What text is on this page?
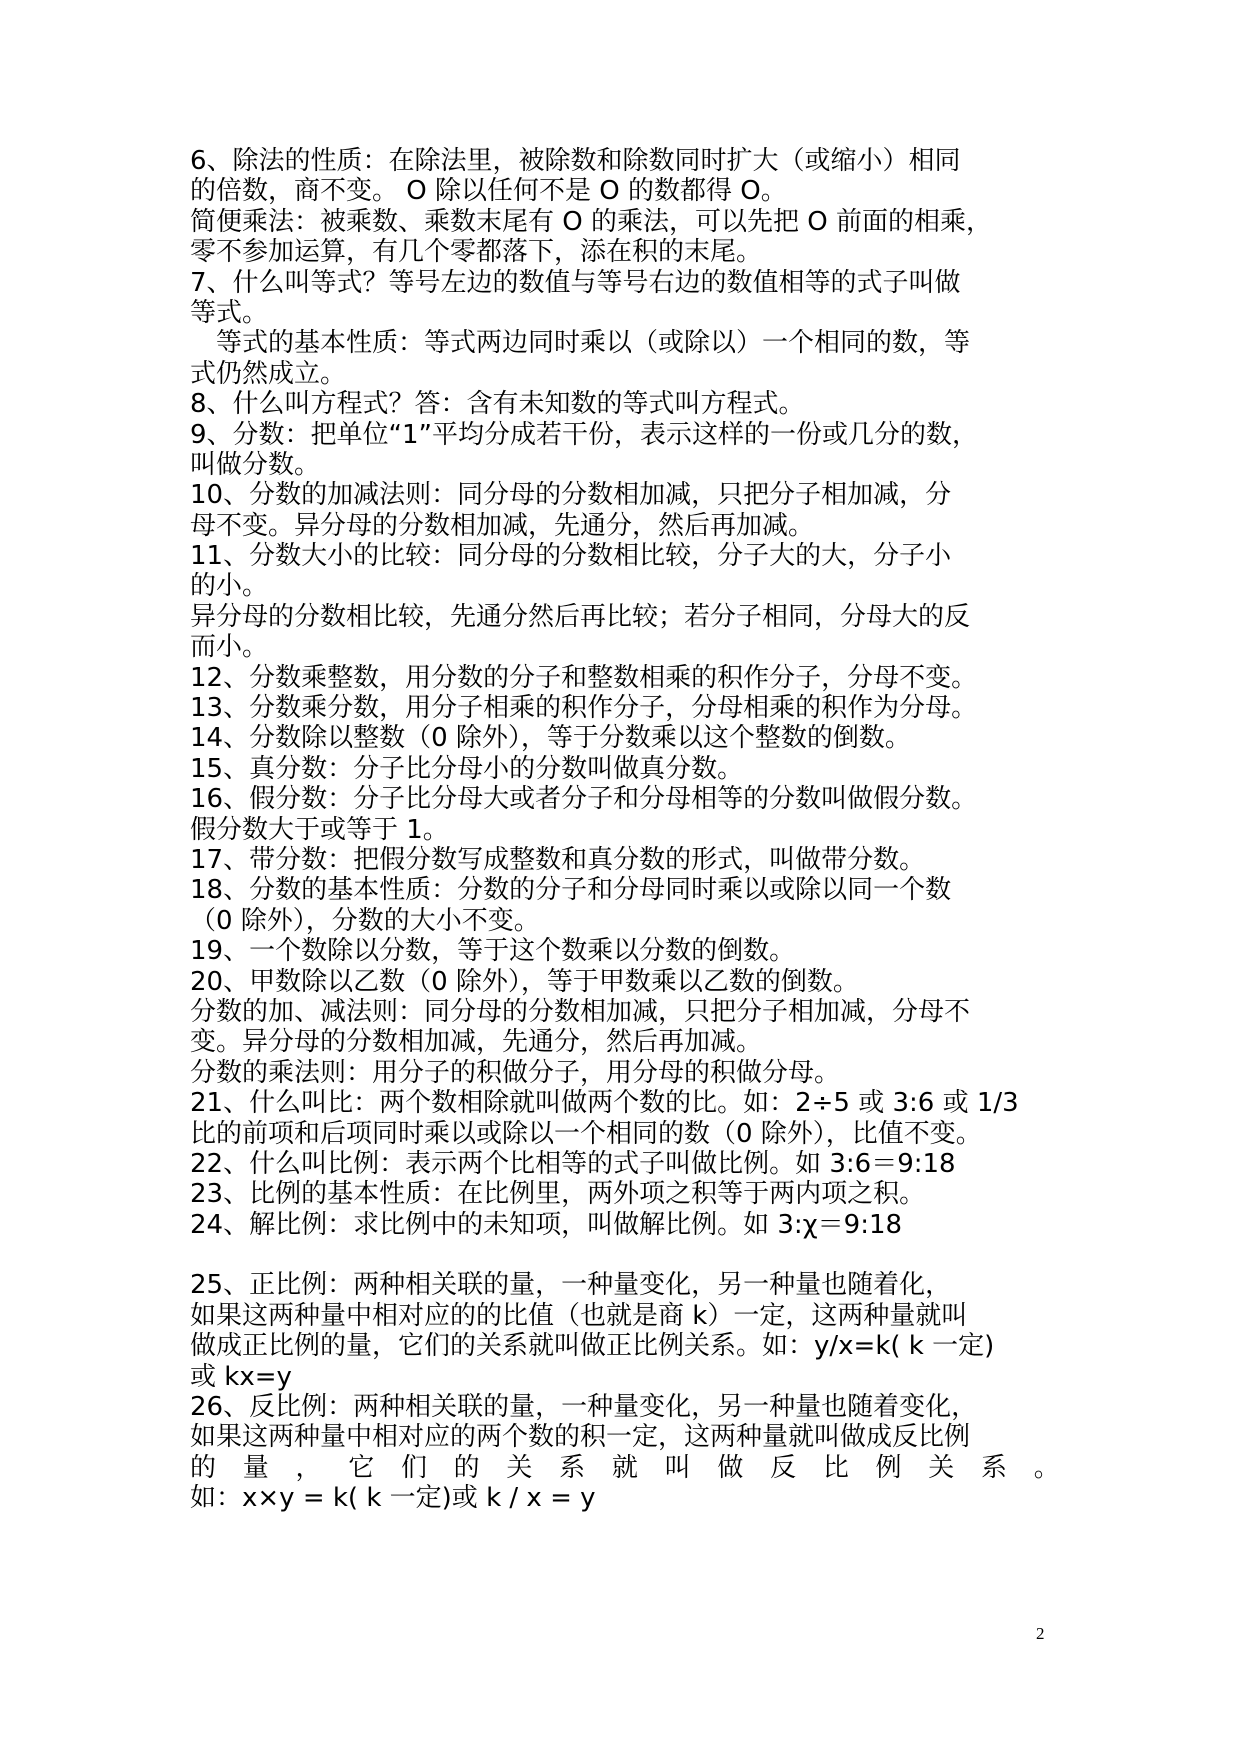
6、除法的性质：在除法里，被除数和除数同时扩大（或缩小）相同
的倍数，商不变。 O 除以任何不是 O 的数都得 O。
简便乘法：被乘数、乘数末尾有 O 的乘法，可以先把 O 前面的相乘，
零不参加运算，有几个零都落下，添在积的末尾。
7、什么叫等式？等号左边的数值与等号右边的数值相等的式子叫做
等式。
等式的基本性质：等式两边同时乘以（或除以）一个相同的数，等
式仍然成立。
8、什么叫方程式？答：含有未知数的等式叫方程式。
9、分数：把单位“1”平均分成若干份，表示这样的一份或几分的数，
叫做分数。
10、分数的加减法则：同分母的分数相加减，只把分子相加减，分
母不变。异分母的分数相加减，先通分，然后再加减。
11、分数大小的比较：同分母的分数相比较，分子大的大，分子小
的小。
异分母的分数相比较，先通分然后再比较；若分子相同，分母大的反
而小。
12、分数乘整数，用分数的分子和整数相乘的积作分子，分母不变。
13、分数乘分数，用分子相乘的积作分子，分母相乘的积作为分母。
14、分数除以整数（0 除外），等于分数乘以这个整数的倒数。
15、真分数：分子比分母小的分数叫做真分数。
16、假分数：分子比分母大或者分子和分母相等的分数叫做假分数。
假分数大于或等于 1。
17、带分数：把假分数写成整数和真分数的形式，叫做带分数。
18、分数的基本性质：分数的分子和分母同时乘以或除以同一个数
（0 除外），分数的大小不变。
19、一个数除以分数，等于这个数乘以分数的倒数。
20、甲数除以乙数（0 除外），等于甲数乘以乙数的倒数。
分数的加、减法则：同分母的分数相加减，只把分子相加减，分母不
变。异分母的分数相加减，先通分，然后再加减。
分数的乘法则：用分子的积做分子，用分母的积做分母。
21、什么叫比：两个数相除就叫做两个数的比。如：2÷5 或 3:6 或 1/3
比的前项和后项同时乘以或除以一个相同的数（0 除外），比值不变。
22、什么叫比例：表示两个比相等的式子叫做比例。如 3:6＝9:18
23、比例的基本性质：在比例里，两外项之积等于两内项之积。
24、解比例：求比例中的未知项，叫做解比例。如 3:χ＝9:18
25、正比例：两种相关联的量，一种量变化，另一种量也随着化，
如果这两种量中相对应的的比值（也就是商 k）一定，这两种量就叫
做成正比例的量，它们的关系就叫做正比例关系。如：y/x=k( k 一定)
或 kx=y
26、反比例：两种相关联的量，一种量变化，另一种量也随着变化，
如果这两种量中相对应的两个数的积一定，这两种量就叫做成反比例
的 量 ， 它 们 的 关 系 就 叫 做 反 比 例 关 系 。
如：x×y = k( k 一定)或 k / x = y
2
